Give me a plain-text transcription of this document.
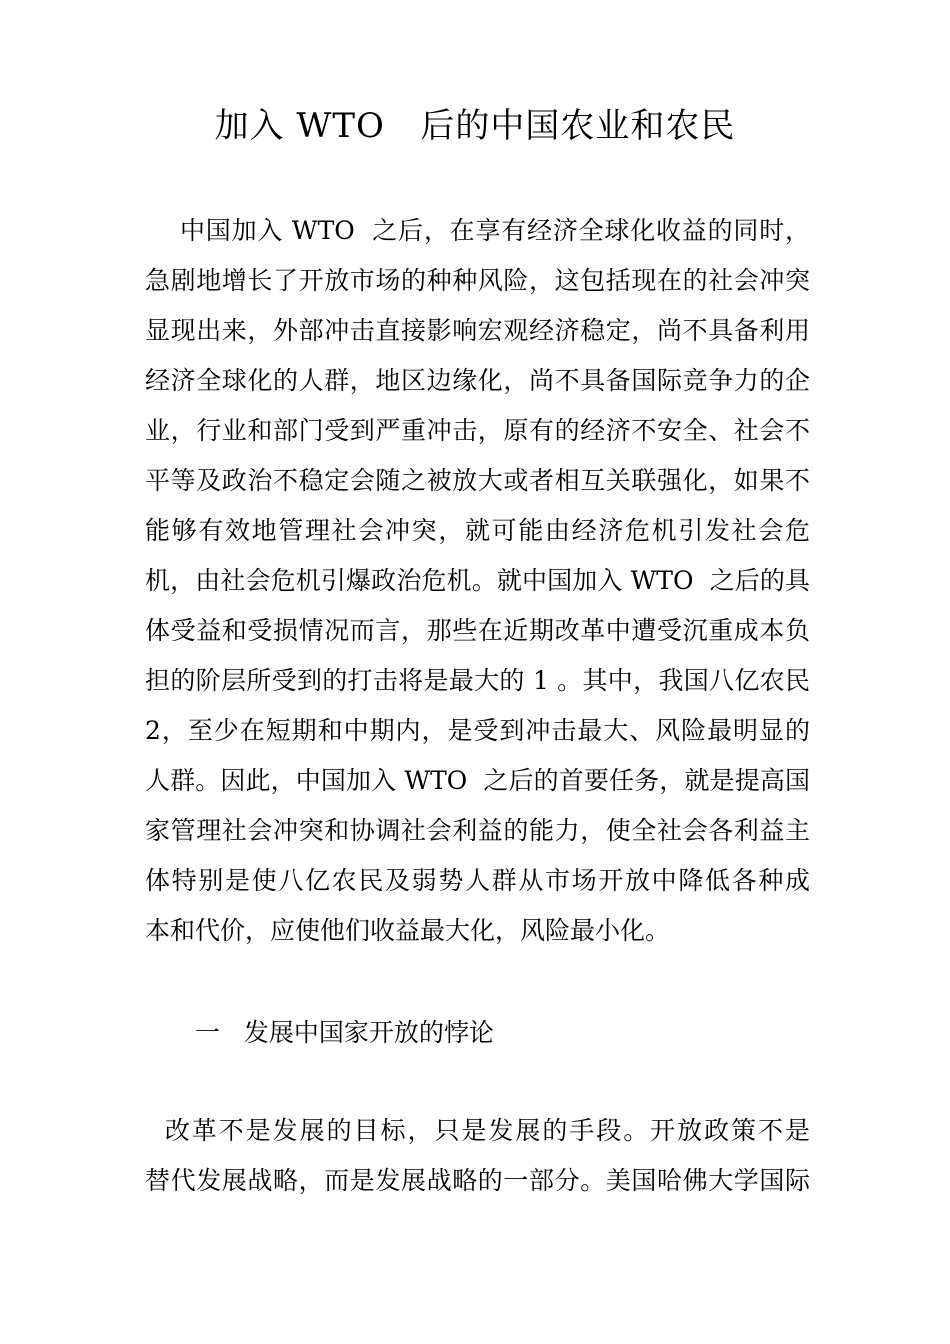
加入 WTO   后的中国农业和农民
中国加入 WTO  之后，在享有经济全球化收益的同时，
急剧地增长了开放市场的种种风险，这包括现在的社会冲突
显现出来，外部冲击直接影响宏观经济稳定，尚不具备利用
经济全球化的人群，地区边缘化，尚不具备国际竞争力的企
业，行业和部门受到严重冲击，原有的经济不安全、社会不
平等及政治不稳定会随之被放大或者相互关联强化，如果不
能够有效地管理社会冲突，就可能由经济危机引发社会危
机，由社会危机引爆政治危机。就中国加入 WTO  之后的具
体受益和受损情况而言，那些在近期改革中遭受沉重成本负
担的阶层所受到的打击将是最大的 1 。其中，我国八亿农民
2，至少在短期和中期内，是受到冲击最大、风险最明显的
人群。因此，中国加入 WTO  之后的首要任务，就是提高国
家管理社会冲突和协调社会利益的能力，使全社会各利益主
体特别是使八亿农民及弱势人群从市场开放中降低各种成
本和代价，应使他们收益最大化，风险最小化。
一   发展中国家开放的悖论
改革不是发展的目标，只是发展的手段。开放政策不是
替代发展战略，而是发展战略的一部分。美国哈佛大学国际
